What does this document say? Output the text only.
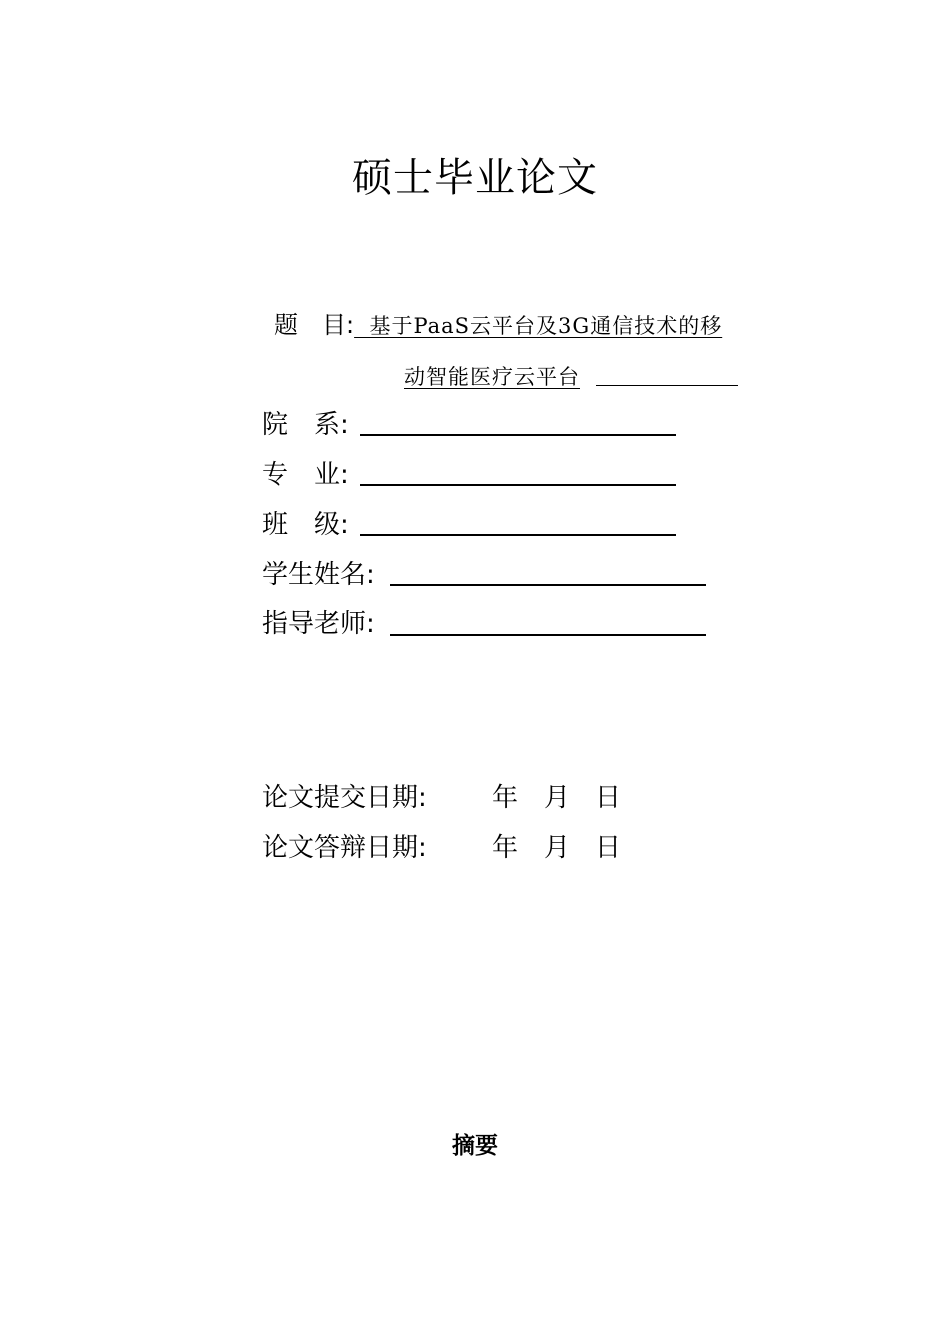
硕士毕业论文
题　目:  基于PaaS云平台及3G通信技术的移
动智能医疗云平台
院　系:
专　业:
班　级:
学生姓名:
指导老师:
论文提交日期:	年 月 日
论文答辩日期:	年 月 日
摘要
